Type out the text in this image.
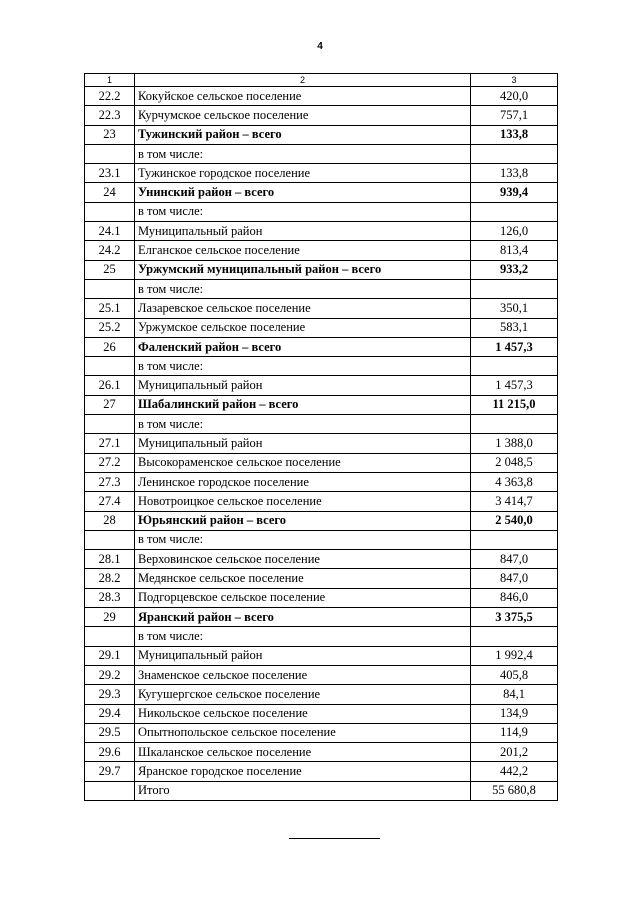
4
1	2	3
22.2	Кокуйское сельское поселение	420,0
22.3	Курчумское сельское поселение	757,1
23	Тужинский район – всего	133,8
	в том числе:	
23.1	Тужинское городское поселение	133,8
24	Унинский район – всего	939,4
	в том числе:	
24.1	Муниципальный район	126,0
24.2	Елганское сельское поселение	813,4
25	Уржумский муниципальный район – всего	933,2
	в том числе:	
25.1	Лазаревское сельское поселение	350,1
25.2	Уржумское сельское поселение	583,1
26	Фаленский район – всего	1 457,3
	в том числе:	
26.1	Муниципальный район	1 457,3
27	Шабалинский район – всего	11 215,0
	в том числе:	
27.1	Муниципальный район	1 388,0
27.2	Высокораменское сельское поселение	2 048,5
27.3	Ленинское городское поселение	4 363,8
27.4	Новотроицкое сельское поселение	3 414,7
28	Юрьянский район – всего	2 540,0
	в том числе:	
28.1	Верховинское сельское поселение	847,0
28.2	Медянское сельское поселение	847,0
28.3	Подгорцевское сельское поселение	846,0
29	Яранский район – всего	3 375,5
	в том числе:	
29.1	Муниципальный район	1 992,4
29.2	Знаменское сельское поселение	405,8
29.3	Кугушергское сельское поселение	84,1
29.4	Никольское сельское поселение	134,9
29.5	Опытнопольское сельское поселение	114,9
29.6	Шкаланское сельское поселение	201,2
29.7	Яранское городское поселение	442,2
	Итого	55 680,8
